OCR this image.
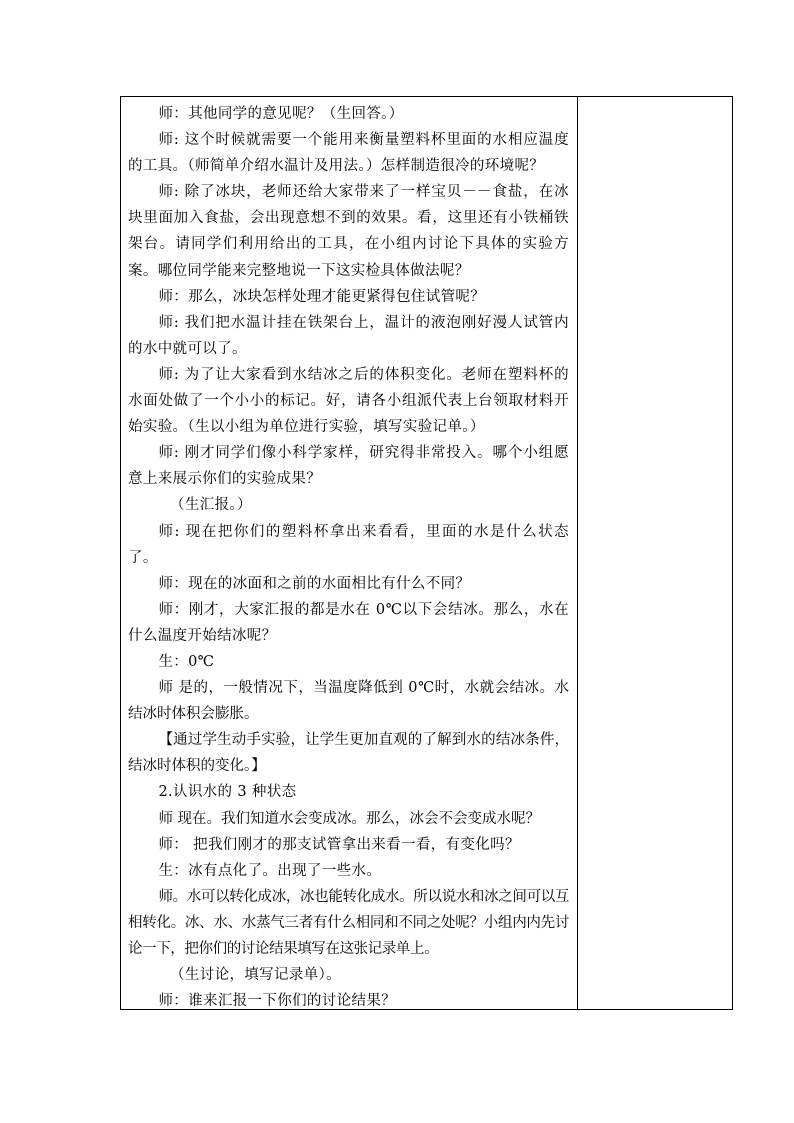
师：其他同学的意见呢？（生回答。）

师: 这个时候就需要一个能用来衡量塑料杯里面的水相应温度的工具。（师简单介绍水温计及用法。）怎样制造很冷的环境呢？

师: 除了冰块，老师还给大家带来了一样宝贝－－食盐，在冰块里面加入食盐，会出现意想不到的效果。看，这里还有小铁桶铁架台。请同学们利用给出的工具，在小组内讨论下具体的实验方案。哪位同学能来完整地说一下这实检具体做法呢？

师：那么，冰块怎样处理才能更紧得包住试管呢？

师: 我们把水温计挂在铁架台上，温计的液泡刚好漫人试管内的水中就可以了。

师: 为了让大家看到水结冰之后的体积变化。老师在塑料杯的水面处做了一个小小的标记。好，请各小组派代表上台领取材料开始实验。（生以小组为单位进行实验，填写实验记单。）

师: 刚才同学们像小科学家样，研究得非常投入。哪个小组愿意上来展示你们的实验成果？

（生汇报。）

师: 现在把你们的塑料杯拿出来看看，里面的水是什么状态了。

师：现在的冰面和之前的水面相比有什么不同？

师：刚才，大家汇报的都是水在 0℃以下会结冰。那么，水在什么温度开始结冰呢？

生：0℃

师 是的，一般情况下，当温度降低到 0℃时，水就会结冰。水结冰时体积会膨胀。

【通过学生动手实验，让学生更加直观的了解到水的结冰条件，结冰时体积的变化。】

2.认识水的 3 种状态

师 现在。我们知道水会变成冰。那么，冰会不会变成水呢？

师： 把我们刚才的那支试管拿出来看一看，有变化吗？

生：冰有点化了。出现了一些水。

师。水可以转化成冰，冰也能转化成水。所以说水和冰之间可以互相转化。冰、水、水蒸气三者有什么相同和不同之处呢？小组内内先讨论一下，把你们的讨论结果填写在这张记录单上。

（生讨论，填写记录单）。

师：谁来汇报一下你们的讨论结果？
